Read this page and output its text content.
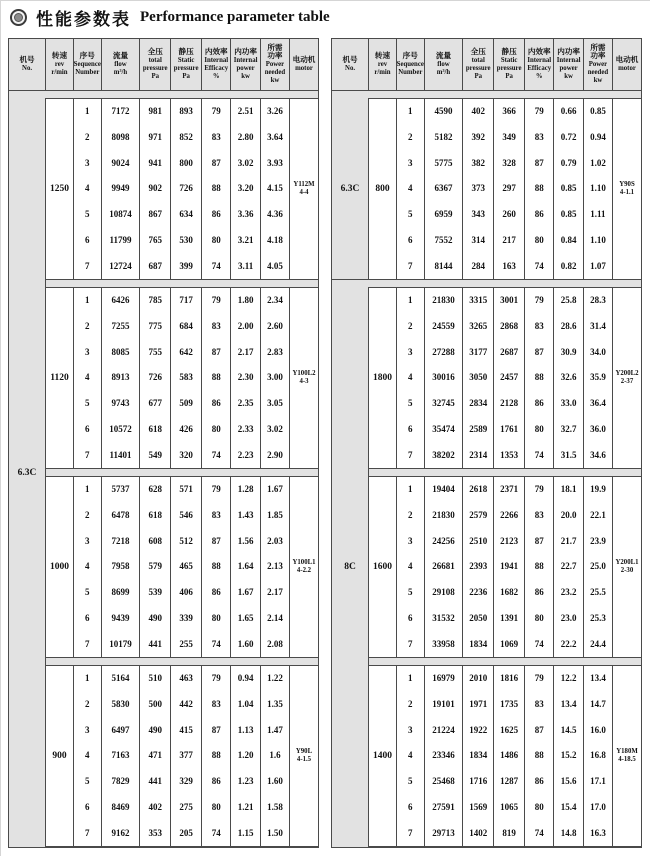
性能参数表 Performance parameter table
机号
No.
转速
rev
r/min
序号
Sequence
Number
流量
flow
m³/h
全压
total
pressure
Pa
静压
Static
pressure
Pa
内效率
Internal
Efficacy
%
内功率
Internal
power
kw
所需
功率
Power
needed
kw
电动机
motor
6.3C
1250
1
2
3
4
5
6
7
7172
8098
9024
9949
10874
11799
12724
981
971
941
902
867
765
687
893
852
800
726
634
530
399
79
83
87
88
86
80
74
2.51
2.80
3.02
3.20
3.36
3.21
3.11
3.26
3.64
3.93
4.15
4.36
4.18
4.05
Y112M
4-4
1120
1
2
3
4
5
6
7
6426
7255
8085
8913
9743
10572
11401
785
775
755
726
677
618
549
717
684
642
583
509
426
320
79
83
87
88
86
80
74
1.80
2.00
2.17
2.30
2.35
2.33
2.23
2.34
2.60
2.83
3.00
3.05
3.02
2.90
Y100L2
4-3
1000
1
2
3
4
5
6
7
5737
6478
7218
7958
8699
9439
10179
628
618
608
579
539
490
441
571
546
512
465
406
339
255
79
83
87
88
86
80
74
1.28
1.43
1.56
1.64
1.67
1.65
1.60
1.67
1.85
2.03
2.13
2.17
2.14
2.08
Y100L1
4-2.2
900
1
2
3
4
5
6
7
5164
5830
6497
7163
7829
8469
9162
510
500
490
471
441
402
353
463
442
415
377
329
275
205
79
83
87
88
86
80
74
0.94
1.04
1.13
1.20
1.23
1.21
1.15
1.22
1.35
1.47
1.6
1.60
1.58
1.50
Y90L
4-1.5
机号
No.
转速
rev
r/min
序号
Sequence
Number
流量
flow
m³/h
全压
total
pressure
Pa
静压
Static
pressure
Pa
内效率
Internal
Efficacy
%
内功率
Internal
power
kw
所需
功率
Power
needed
kw
电动机
motor
6.3C
8C
800
1
2
3
4
5
6
7
4590
5182
5775
6367
6959
7552
8144
402
392
382
373
343
314
284
366
349
328
297
260
217
163
79
83
87
88
86
80
74
0.66
0.72
0.79
0.85
0.85
0.84
0.82
0.85
0.94
1.02
1.10
1.11
1.10
1.07
Y90S
4-1.1
1800
1
2
3
4
5
6
7
21830
24559
27288
30016
32745
35474
38202
3315
3265
3177
3050
2834
2589
2314
3001
2868
2687
2457
2128
1761
1353
79
83
87
88
86
80
74
25.8
28.6
30.9
32.6
33.0
32.7
31.5
28.3
31.4
34.0
35.9
36.4
36.0
34.6
Y200L2
2-37
1600
1
2
3
4
5
6
7
19404
21830
24256
26681
29108
31532
33958
2618
2579
2510
2393
2236
2050
1834
2371
2266
2123
1941
1682
1391
1069
79
83
87
88
86
80
74
18.1
20.0
21.7
22.7
23.2
23.0
22.2
19.9
22.1
23.9
25.0
25.5
25.3
24.4
Y200L1
2-30
1400
1
2
3
4
5
6
7
16979
19101
21224
23346
25468
27591
29713
2010
1971
1922
1834
1716
1569
1402
1816
1735
1625
1486
1287
1065
819
79
83
87
88
86
80
74
12.2
13.4
14.5
15.2
15.6
15.4
14.8
13.4
14.7
16.0
16.8
17.1
17.0
16.3
Y180M
4-18.5
